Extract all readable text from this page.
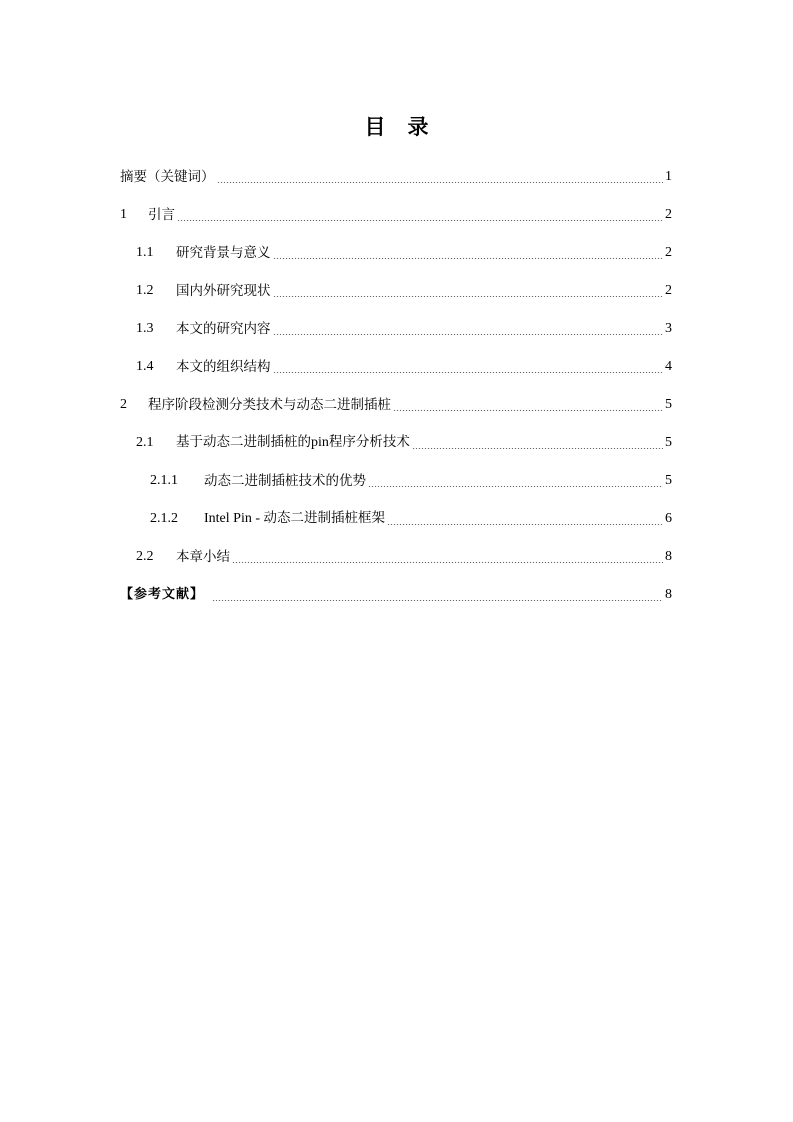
目 录
摘要（关键词）	1
1	引言	2
1.1	研究背景与意义	2
1.2	国内外研究现状	2
1.3	本文的研究内容	3
1.4	本文的组织结构	4
2	程序阶段检测分类技术与动态二进制插桩	5
2.1	基于动态二进制插桩的pin程序分析技术	5
2.1.1	动态二进制插桩技术的优势	5
2.1.2	Intel Pin - 动态二进制插桩框架	6
2.2	本章小结	8
【参考文献】	8
